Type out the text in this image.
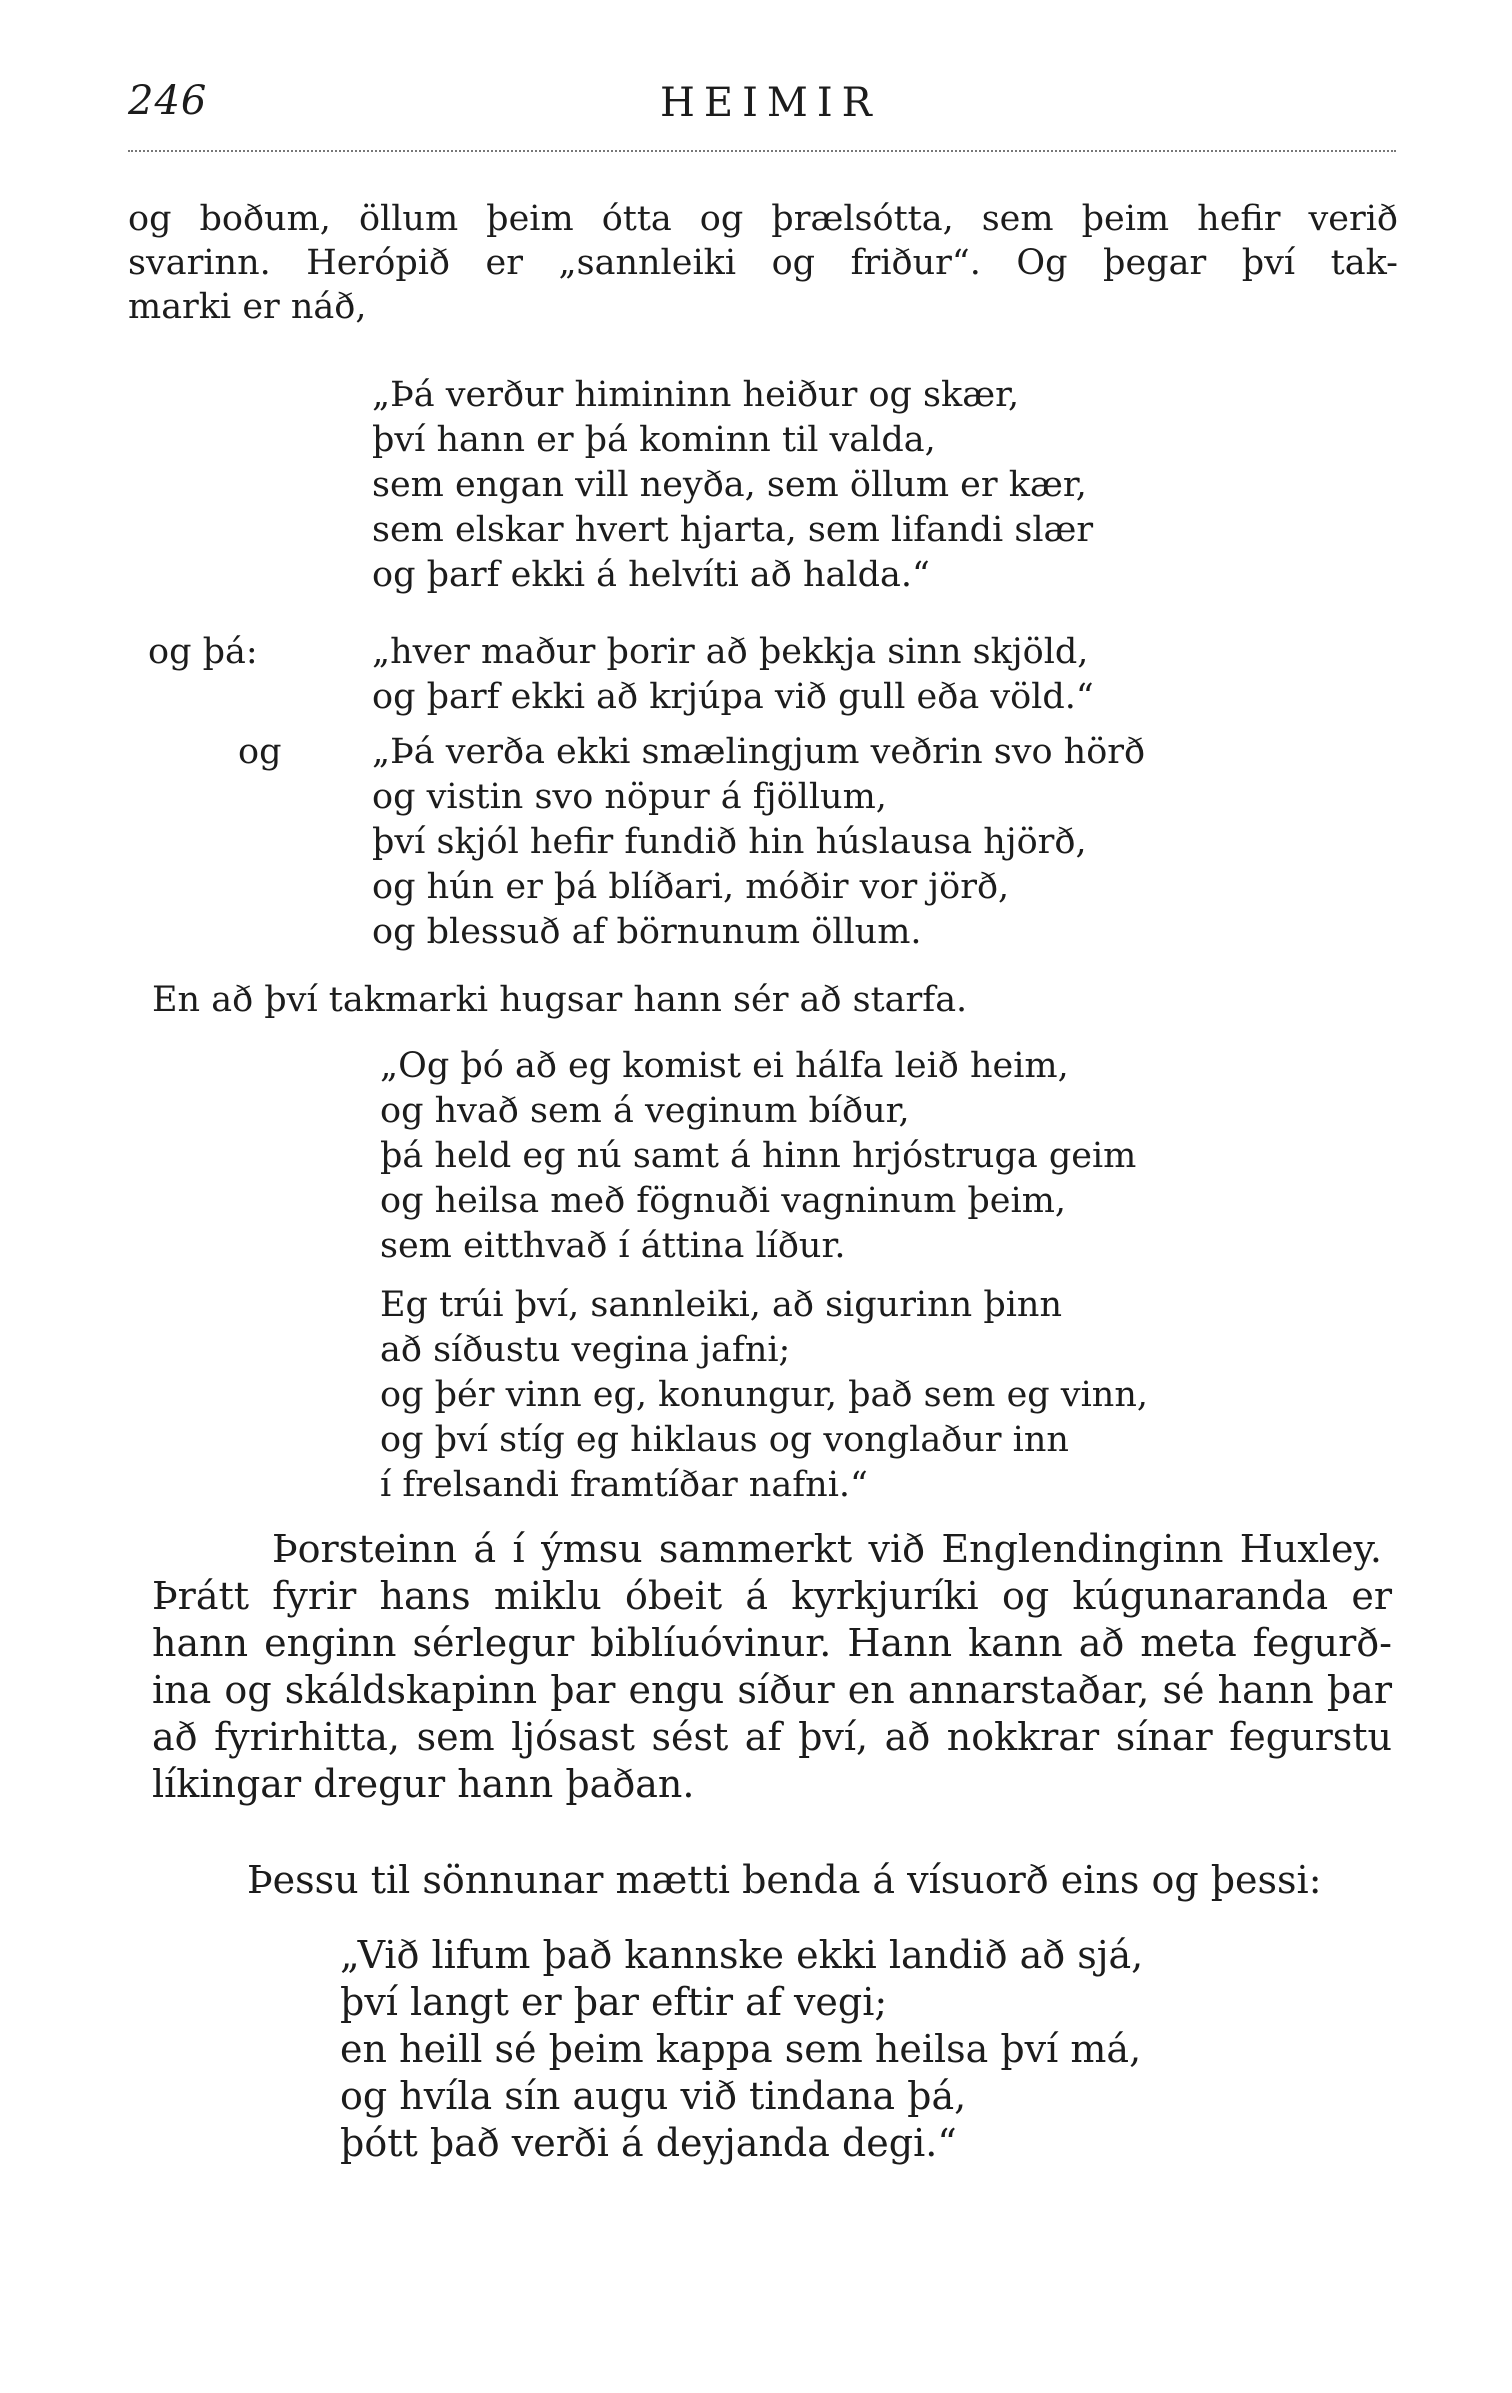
246	HEIMIR
og boðum, öllum þeim ótta og þrælsótta, sem þeim hefir verið
svarinn. Herópið er „sannleiki og friður“. Og þegar því tak-
marki er náð,
„Þá verður himininn heiður og skær,
því hann er þá kominn til valda,
sem engan vill neyða, sem öllum er kær,
sem elskar hvert hjarta, sem lifandi slær
og þarf ekki á helvíti að halda.“
og þá:	„hver maður þorir að þekkja sinn skjöld,
og þarf ekki að krjúpa við gull eða völd.“
og	„Þá verða ekki smælingjum veðrin svo hörð
og vistin svo nöpur á fjöllum,
því skjól hefir fundið hin húslausa hjörð,
og hún er þá blíðari, móðir vor jörð,
og blessuð af börnunum öllum.
En að því takmarki hugsar hann sér að starfa.
„Og þó að eg komist ei hálfa leið heim,
og hvað sem á veginum bíður,
þá held eg nú samt á hinn hrjóstruga geim
og heilsa með fögnuði vagninum þeim,
sem eitthvað í áttina líður.
Eg trúi því, sannleiki, að sigurinn þinn
að síðustu vegina jafni;
og þér vinn eg, konungur, það sem eg vinn,
og því stíg eg hiklaus og vonglaður inn
í frelsandi framtíðar nafni.“
Þorsteinn á í ýmsu sammerkt við Englendinginn Huxley.
Þrátt fyrir hans miklu óbeit á kyrkjuríki og kúgunaranda er
hann enginn sérlegur biblíuóvinur. Hann kann að meta fegurð-
ina og skáldskapinn þar engu síður en annarstaðar, sé hann þar
að fyrirhitta, sem ljósast sést af því, að nokkrar sínar fegurstu
líkingar dregur hann þaðan.
Þessu til sönnunar mætti benda á vísuorð eins og þessi:
„Við lifum það kannske ekki landið að sjá,
því langt er þar eftir af vegi;
en heill sé þeim kappa sem heilsa því má,
og hvíla sín augu við tindana þá,
þótt það verði á deyjanda degi.“
